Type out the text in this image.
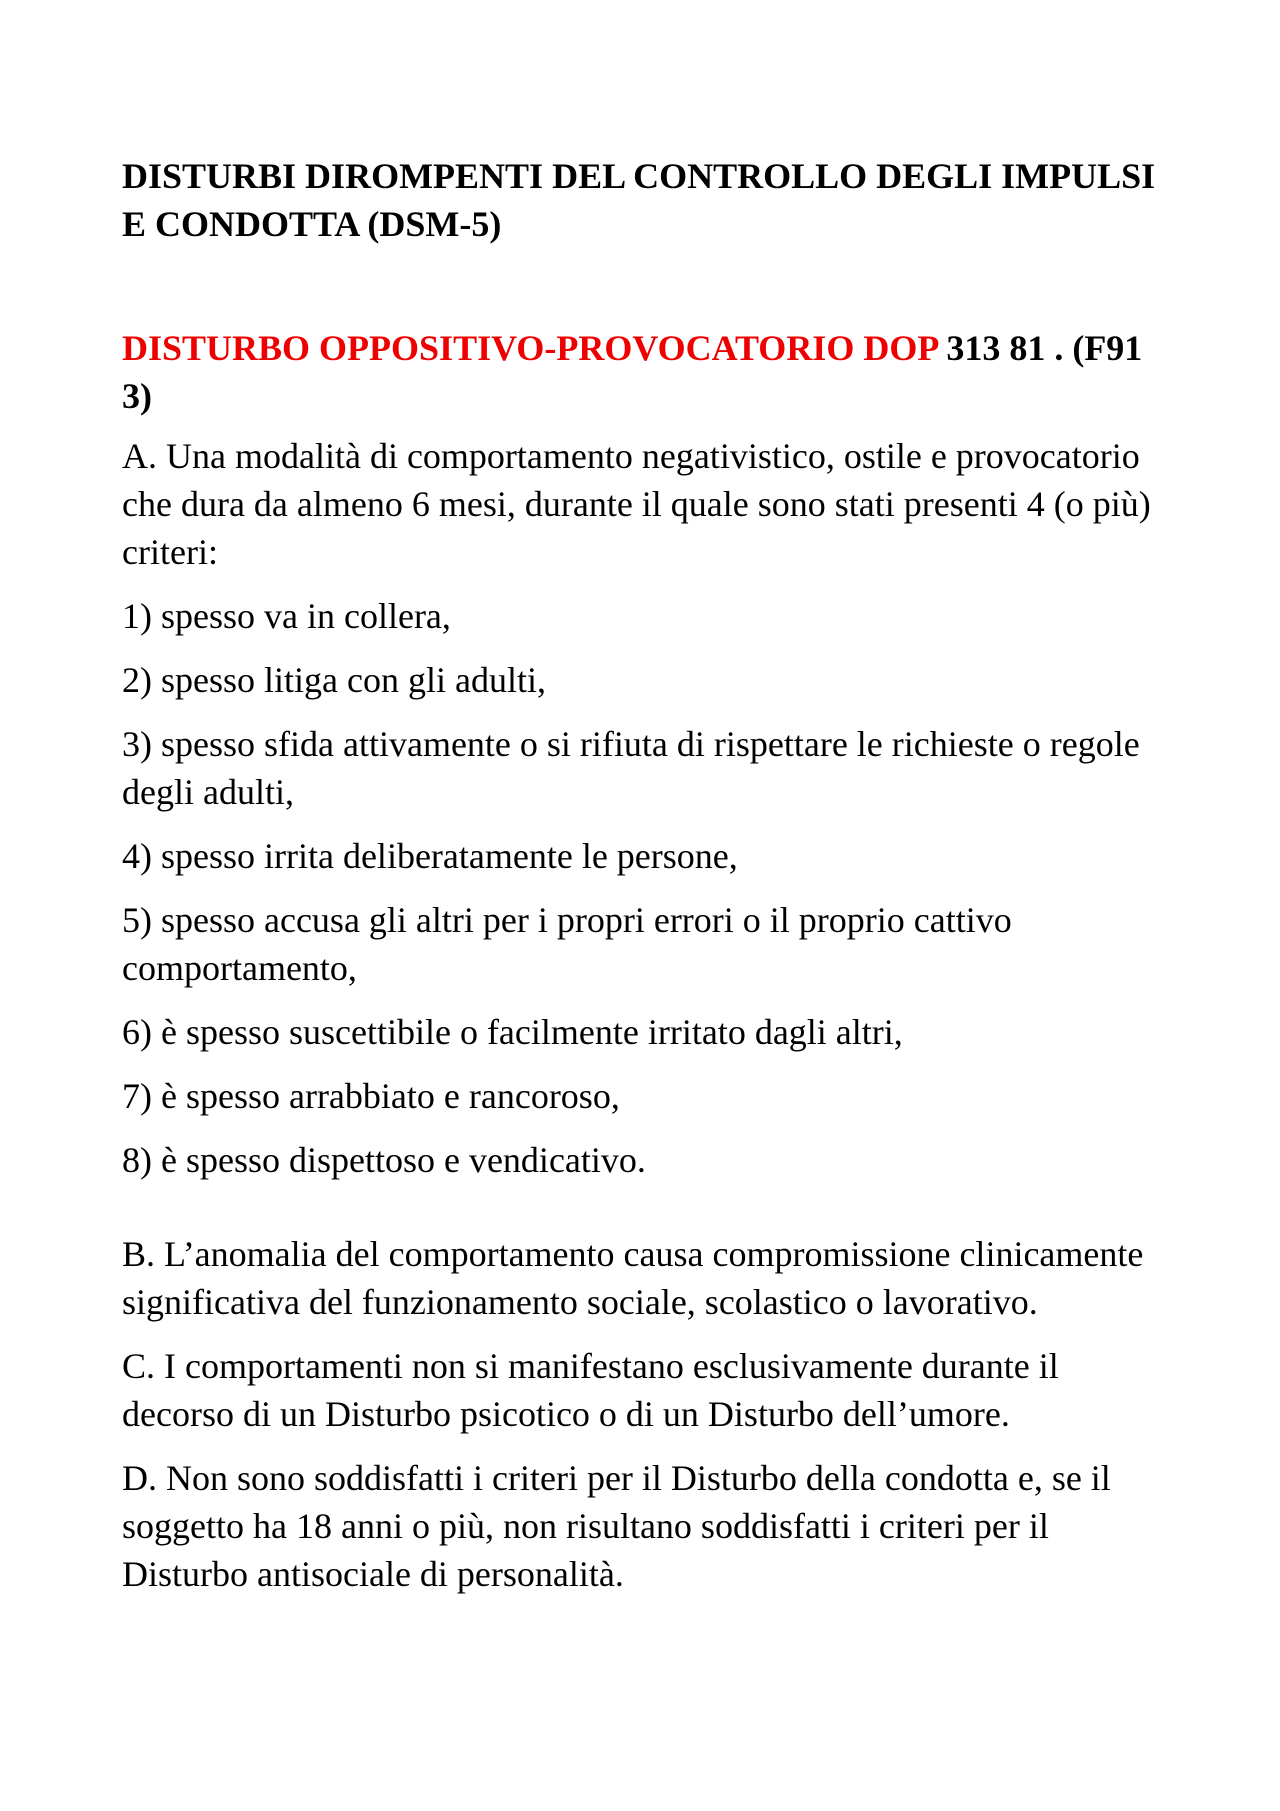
DISTURBI DIROMPENTI DEL CONTROLLO DEGLI IMPULSI E CONDOTTA (DSM-5)
DISTURBO OPPOSITIVO-PROVOCATORIO DOP 313 81 . (F91 3)

A. Una modalità di comportamento negativistico, ostile e provocatorio che dura da almeno 6 mesi, durante il quale sono stati presenti 4 (o più) criteri:

1) spesso va in collera,

2) spesso litiga con gli adulti,

3) spesso sfida attivamente o si rifiuta di rispettare le richieste o regole degli adulti,

4) spesso irrita deliberatamente le persone,

5) spesso accusa gli altri per i propri errori o il proprio cattivo comportamento,

6) è spesso suscettibile o facilmente irritato dagli altri,

7) è spesso arrabbiato e rancoroso,

8) è spesso dispettoso e vendicativo.

B. L’anomalia del comportamento causa compromissione clinicamente significativa del funzionamento sociale, scolastico o lavorativo.

C. I comportamenti non si manifestano esclusivamente durante il decorso di un Disturbo psicotico o di un Disturbo dell’umore.

D. Non sono soddisfatti i criteri per il Disturbo della condotta e, se il soggetto ha 18 anni o più, non risultano soddisfatti i criteri per il Disturbo antisociale di personalità.
